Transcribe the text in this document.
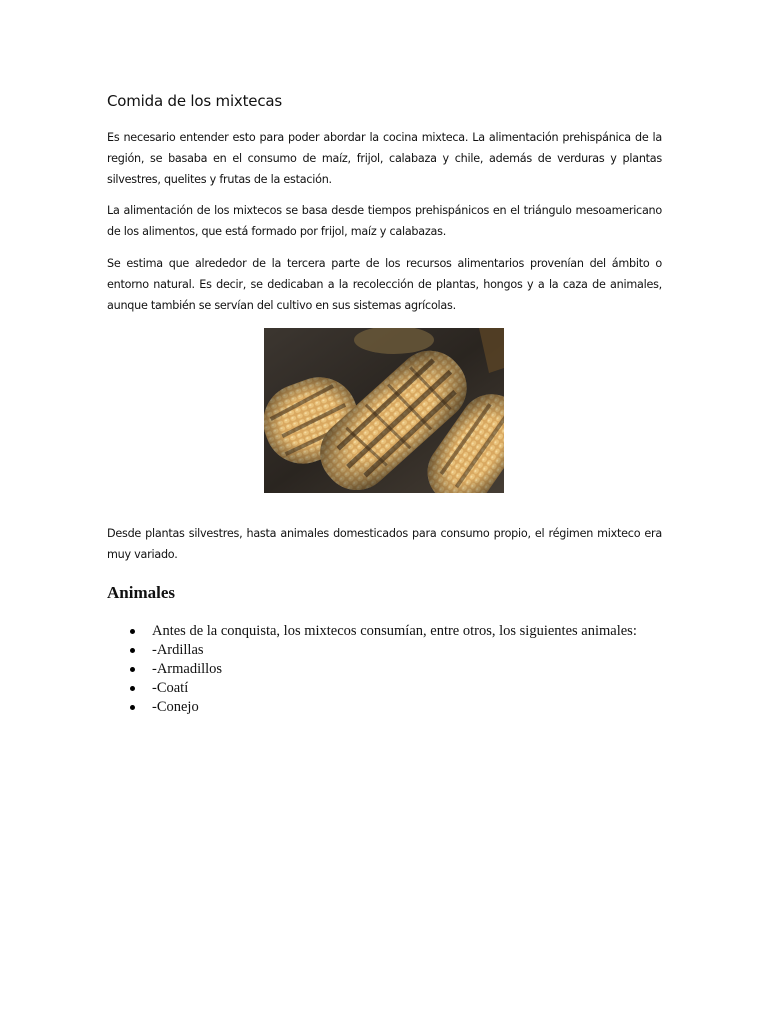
Comida de los mixtecas

Es necesario entender esto para poder abordar la cocina mixteca. La alimentación prehispánica de la región, se basaba en el consumo de maíz, frijol, calabaza y chile, además de verduras y plantas silvestres, quelites y frutas de la estación.

La alimentación de los mixtecos se basa desde tiempos prehispánicos en el triángulo mesoamericano de los alimentos, que está formado por frijol, maíz y calabazas.

Se estima que alrededor de la tercera parte de los recursos alimentarios provenían del ámbito o entorno natural. Es decir, se dedicaban a la recolección de plantas, hongos y a la caza de animales, aunque también se servían del cultivo en sus sistemas agrícolas.

Desde plantas silvestres, hasta animales domesticados para consumo propio, el régimen mixteco era muy variado.

Animales
Antes de la conquista, los mixtecos consumían, entre otros, los siguientes animales:
-Ardillas
-Armadillos
-Coatí
-Conejo
